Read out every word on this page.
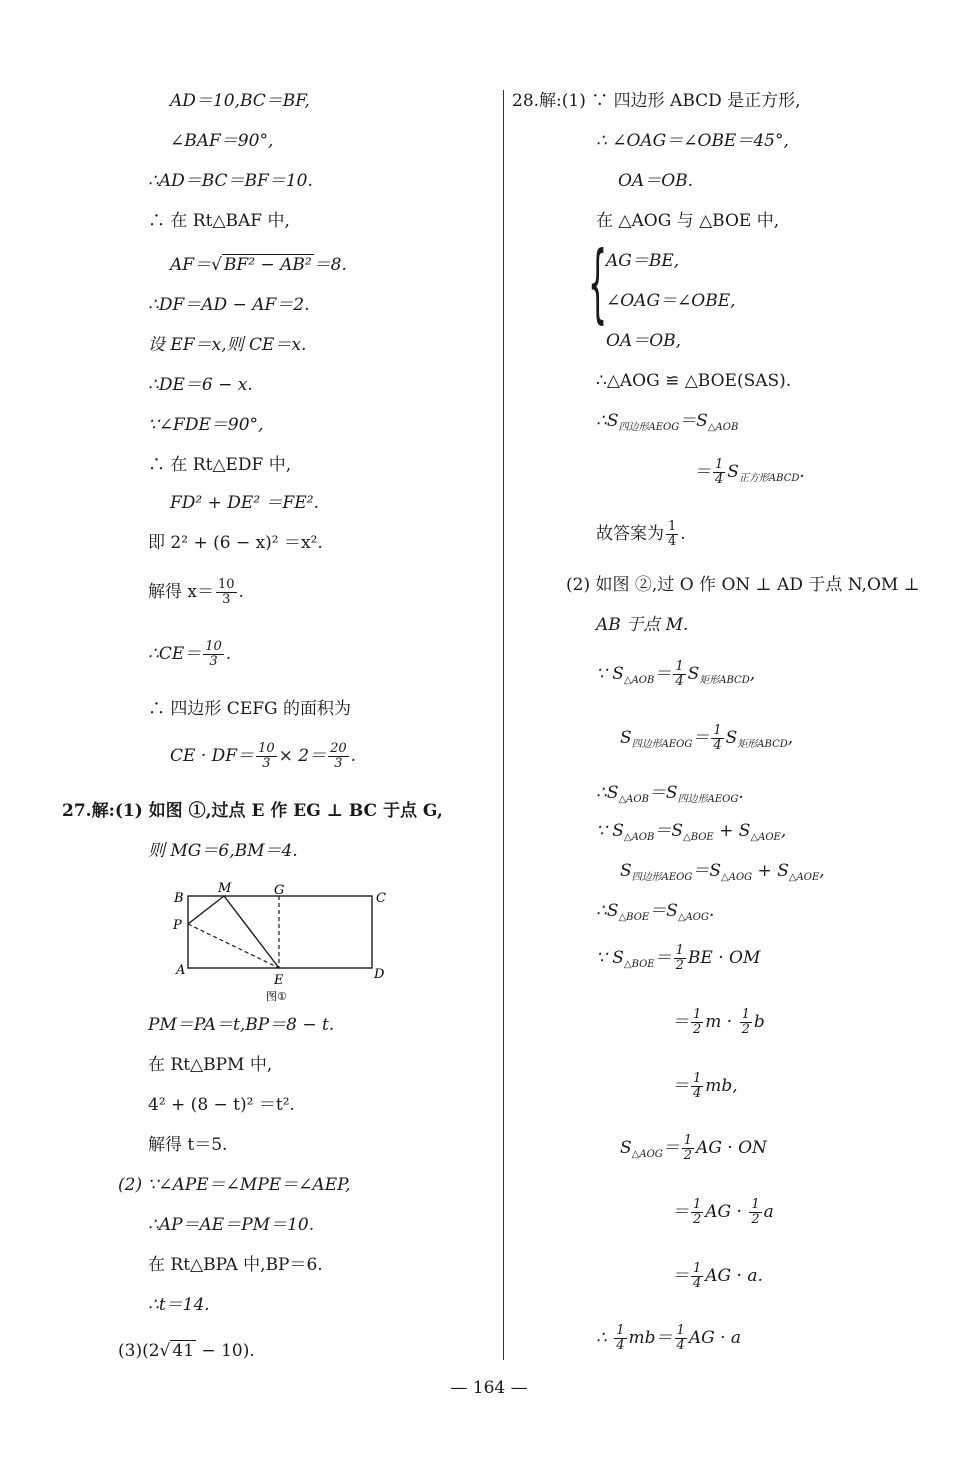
AD＝10,BC＝BF,
∠BAF＝90°,
∴AD＝BC＝BF＝10.
∴ 在 Rt△BAF 中,
AF＝√ BF² − AB² ＝8.
∴DF＝AD − AF＝2.
设 EF＝x,则 CE＝x.
∴DE＝6 − x.
∵∠FDE＝90°,
∴ 在 Rt△EDF 中,
FD² + DE² ＝FE².
即 2² + (6 − x)² ＝x².
解得 $x= \frac{10}{3}$ .
∴CE＝ $\frac{10}{3}$ .
∴ 四边形 CEFG 的面积为
CE · $DF= \frac{10}{3} \times 2= \frac{20}{3}$ .
27.解:(1) 如图 ①,过点 E 作 EG ⊥ BC 于点 G,
则 MG＝6,BM＝4.
B
M	G
C
P
A
E	D
图①
PM＝PA＝t,BP＝8 − t.
在 Rt△BPM 中,
4² + (8 − t)² ＝t².
解得 t＝5.
(2) ∵∠APE＝∠MPE＝∠AEP,
∴AP＝AE＝PM＝10.
在 Rt△BPA 中,BP＝6.
∴t＝14.
(3)(2√ 41 − 10).
28.解:(1) ∵ 四边形 ABCD 是正方形,
∴ ∠OAG＝∠OBE＝45°,
OA＝OB.
在 △AOG 与 △BOE 中,
{
AG＝BE,
∠OAG＝∠OBE,
OA＝OB,
∴△AOG ≌ △BOE(SAS).
$\therefore S_{四边形AEOG}=S_{\triangle AOB}$
＝ $\frac{1}{4} S_{正方形ABCD}$.
故答案为 $\frac{1}{4}$ .
(2) 如图 ②,过 O 作 ON ⊥ AD 于点 N,OM ⊥
AB 于点 M.
∵ $S_{\triangle AOB}= \frac{1}{4} S_{矩形ABCD}$,
$S_{四边形AEOG}= \frac{1}{4} S_{矩形ABCD}$,
$\therefore S_{\triangle AOB}=S_{四边形AEOG}$.
∵ $S_{\triangle AOB}=S_{\triangle BOE} + S_{\triangle AOE}$,
$S_{四边形AEOG}=S_{\triangle AOG} + S_{\triangle AOE}$,
$\therefore S_{\triangle BOE}=S_{\triangle AOG}$.
∵ $S_{\triangle BOE}= \frac{1}{2}$ BE · OM
＝ $\frac{1}{2}$ $m \cdot \frac{1}{2}$ b
＝ $\frac{1}{4}$ mb,
$S_{\triangle AOG}= \frac{1}{2}$ AG · ON
＝ $\frac{1}{2}$ AG · $\frac{1}{2}$ a
＝ $\frac{1}{4}$ AG · a.
∴ $\frac{1}{4} mb= \frac{1}{4}$ AG · a
— 164 —
